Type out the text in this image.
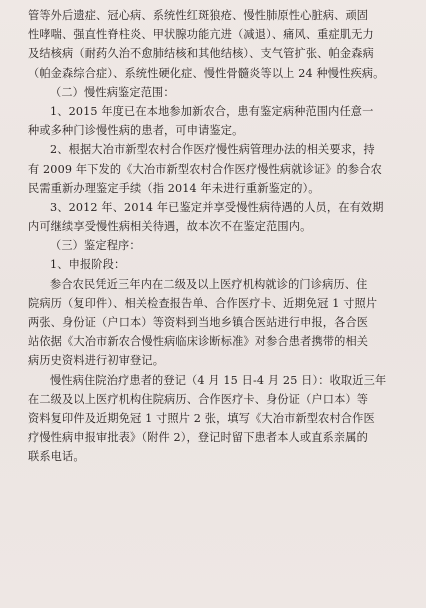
管等外后遗症、冠心病、系统性红斑狼疮、慢性肺原性心脏病、顽固
性哮喘、强直性脊柱炎、甲状腺功能亢进（减退）、痛风、重症肌无力
及结核病（耐药久治不愈肺结核和其他结核）、支气管扩张、帕金森病
（帕金森综合症）、系统性硬化症、慢性骨髓炎等以上 24 种慢性疾病。
（二）慢性病鉴定范围：
1、2015 年度已在本地参加新农合，患有鉴定病种范围内任意一
种或多种门诊慢性病的患者，可申请鉴定。
2、根据大冶市新型农村合作医疗慢性病管理办法的相关要求，持
有 2009 年下发的《大冶市新型农村合作医疗慢性病就诊证》的参合农
民需重新办理鉴定手续（指 2014 年未进行重新鉴定的）。
3、2012 年、2014 年已鉴定并享受慢性病待遇的人员，在有效期
内可继续享受慢性病相关待遇，故本次不在鉴定范围内。
（三）鉴定程序：
1、申报阶段：
参合农民凭近三年内在二级及以上医疗机构就诊的门诊病历、住
院病历（复印件）、相关检查报告单、合作医疗卡、近期免冠 1 寸照片
两张、身份证（户口本）等资料到当地乡镇合医站进行申报，各合医
站依据《大冶市新农合慢性病临床诊断标准》对参合患者携带的相关
病历史资料进行初审登记。
慢性病住院治疗患者的登记（4 月 15 日-4 月 25 日）：收取近三年
在二级及以上医疗机构住院病历、合作医疗卡、身份证（户口本）等
资料复印件及近期免冠 1 寸照片 2 张，填写《大冶市新型农村合作医
疗慢性病申报审批表》（附件 2），登记时留下患者本人或直系亲属的
联系电话。
